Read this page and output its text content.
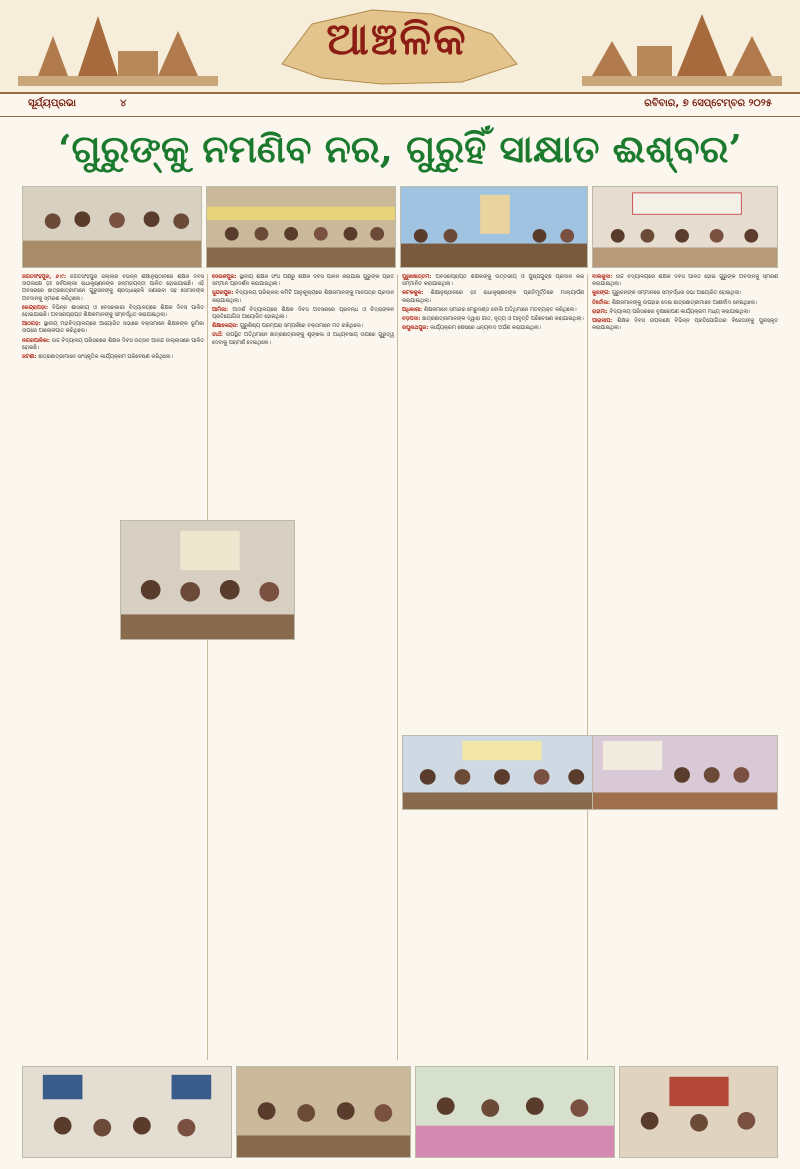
ଆଞ୍ଚଳିକ
ସୂର୍ଯ୍ୟପ୍ରଭା	୪	ରବିବାର, ୭ ସେପ୍ଟେମ୍ବର ୨୦୨୫
‘ଗୁରୁଙ୍କୁ ନମଣିବ ନର, ଗୁରୁହିଁ ସାକ୍ଷାତ ଈଶ୍ବର’

ଜଗତସିଂହପୁର, ୬।୯: ଜଗତସିଂହପୁର ଜିଲ୍ଲାର ବିଭିନ୍ନ ଶିକ୍ଷାନୁଷ୍ଠାନରେ ଶିକ୍ଷକ ଦିବସ ଉପଲକ୍ଷେ ଡ଼ଃ ସର୍ବପଲ୍ଲୀ ରାଧାକୃଷ୍ଣନଙ୍କ ଜନ୍ମଜୟନ୍ତୀ ପାଳିତ ହୋଇଯାଇଛି। ଏହି ଅବସରରେ ଛାତ୍ରଛାତ୍ରୀମାନେ ଗୁରୁଜନଙ୍କୁ ଶ୍ରଦ୍ଧାଞ୍ଜଳି ଜଣାଇବା ସହ ସେମାନଙ୍କ ଅବଦାନକୁ ସ୍ମରଣ କରିଥିଲେ।

କେନ୍ଦ୍ରାପଡ଼ା: ବିଭିନ୍ନ ଶାସକୀୟ ଓ ବେସରକାରୀ ବିଦ୍ୟାଳୟରେ ଶିକ୍ଷକ ଦିବସ ପାଳିତ ହୋଇଯାଇଛି। ଅବସରପ୍ରାପ୍ତ ଶିକ୍ଷକମାନଙ୍କୁ ସମ୍ବର୍ଦ୍ଧିତ କରାଯାଇଥିଲା।

ଆଠଗଡ଼: ସ୍ଥାନୀୟ ମହାବିଦ୍ୟାଳୟରେ ଆୟୋଜିତ ସଭାରେ ବକ୍ତାମାନେ ଶିକ୍ଷକଙ୍କ ଭୂମିକା ଉପରେ ଆଲୋକପାତ କରିଥିଲେ।

ନଗରପାଳିକା: ଉଚ୍ଚ ବିଦ୍ୟାଳୟ ପରିସରରେ ଶିକ୍ଷକ ଦିବସ ଉତ୍ସବ ଆନନ୍ଦ ଉଲ୍ଲାସରେ ପାଳିତ ହୋଇଛି।

ଜଟଣୀ: ଛାତ୍ରଛାତ୍ରୀମାନେ ସାଂସ୍କୃତିକ କାର୍ଯ୍ୟକ୍ରମ ପରିବେଷଣ କରିଥିଲେ।

ଦେଉଳିପୁର: ସ୍ଥାନୀୟ ଶିକ୍ଷକ ସଂଘ ପକ୍ଷରୁ ଶିକ୍ଷକ ଦିବସ ପାଳନ କରାଯାଇ ଗୁରୁଙ୍କ ପ୍ରତି ସମ୍ମାନ ପ୍ରଦର୍ଶନ କରାଯାଇଥିଲା।

ସୁନ୍ଦରପୁର: ବିଦ୍ୟାଳୟ ପରିଚାଳନା କମିଟି ଆନୁକୂଲ୍ୟରେ ଶିକ୍ଷକମାନଙ୍କୁ ମାନପତ୍ର ପ୍ରଦାନ କରାଯାଇଥିଲା।

ଆମିଜା: ଆଦର୍ଶ ବିଦ୍ୟାଳୟରେ ଶିକ୍ଷକ ଦିବସ ଅବସରରେ ପ୍ରବନ୍ଧ ଓ ଚିତ୍ରାଙ୍କନ ପ୍ରତିଯୋଗିତା ଆୟୋଜିତ ହୋଇଥିଲା।

ଶିକ୍ଷାକେନ୍ଦ୍ର: ଗୁରୁଶିଷ୍ୟ ପରମ୍ପରା ସମ୍ପର୍କରେ ବକ୍ତାମାନେ ମତ ରଖିଥିଲେ।

ତୀର୍ଥ: ଉପସ୍ଥିତ ଅତିଥିମାନେ ଛାତ୍ରଛାତ୍ରୀଙ୍କୁ ଶୃଙ୍ଖଳା ଓ ଅଧ୍ୟବସାୟ ଉପରେ ଗୁରୁତ୍ୱ ଦେବାକୁ ପରାମର୍ଶ ଦେଇଥିଲେ।

ପୁରୁଷୋତ୍ତମ: ଅବସରପ୍ରାପ୍ତ ଶିକ୍ଷକଙ୍କୁ ଉତ୍ତରୀୟ ଓ ପୁଷ୍ପଗୁଚ୍ଛ ପ୍ରଦାନ କରି ସମ୍ମାନିତ କରାଯାଇଥିଲା।

କଟକକୁଳ: ଶିକ୍ଷାନୁଷ୍ଠାନରେ ଡ଼ଃ ରାଧାକୃଷ୍ଣନଙ୍କ ପ୍ରତିମୂର୍ତ୍ତିରେ ମାଲ୍ୟାର୍ପଣ କରାଯାଇଥିଲା।

ଅଧିକାରୀ: ଶିକ୍ଷକମାନେ ସମାଜର ମେରୁଦଣ୍ଡ ବୋଲି ଅତିଥିମାନେ ମତବ୍ୟକ୍ତ କରିଥିଲେ।

ବଡ଼ପଦା: ଛାତ୍ରଛାତ୍ରୀମାନଙ୍କ ଦ୍ୱାରା ଗୀତ, ନୃତ୍ୟ ଓ ଆବୃତ୍ତି ପରିବେଷଣ କରାଯାଇଥିଲା।

ରଘୁନାଥପୁର: କାର୍ଯ୍ୟକ୍ରମ ଶେଷରେ ଧନ୍ୟବାଦ ଅର୍ପଣ କରାଯାଇଥିଲା।

ବାଲିକୁଦା: ଉଚ୍ଚ ବିଦ୍ୟାଳୟରେ ଶିକ୍ଷକ ଦିବସ ପାଳିତ ହୋଇ ଗୁରୁଙ୍କ ଅବଦାନକୁ ସ୍ମରଣ କରାଯାଇଥିଲା।

କୁଜଙ୍ଗ: ଗୁରୁଜନଙ୍କ ସମ୍ମାନରେ ସମ୍ବର୍ଦ୍ଧନା ସଭା ଆୟୋଜିତ ହୋଇଥିଲା।

ତିର୍ତୋଲ: ଶିକ୍ଷକମାନଙ୍କୁ ଉପହାର ଦେଇ ଛାତ୍ରଛାତ୍ରୀମାନେ ଆଶୀର୍ବାଦ ନେଇଥିଲେ।

ରାହାମା: ବିଦ୍ୟାଳୟ ପରିସରରେ ବୃକ୍ଷରୋପଣ କାର୍ଯ୍ୟକ୍ରମ ମଧ୍ୟ କରାଯାଇଥିଲା।

ପାରାଦୀପ: ଶିକ୍ଷକ ଦିବସ ଉପଲକ୍ଷେ ବିଭିନ୍ନ ପ୍ରତିଯୋଗିତାର ବିଜେତାଙ୍କୁ ପୁରସ୍କୃତ କରାଯାଇଥିଲା।
